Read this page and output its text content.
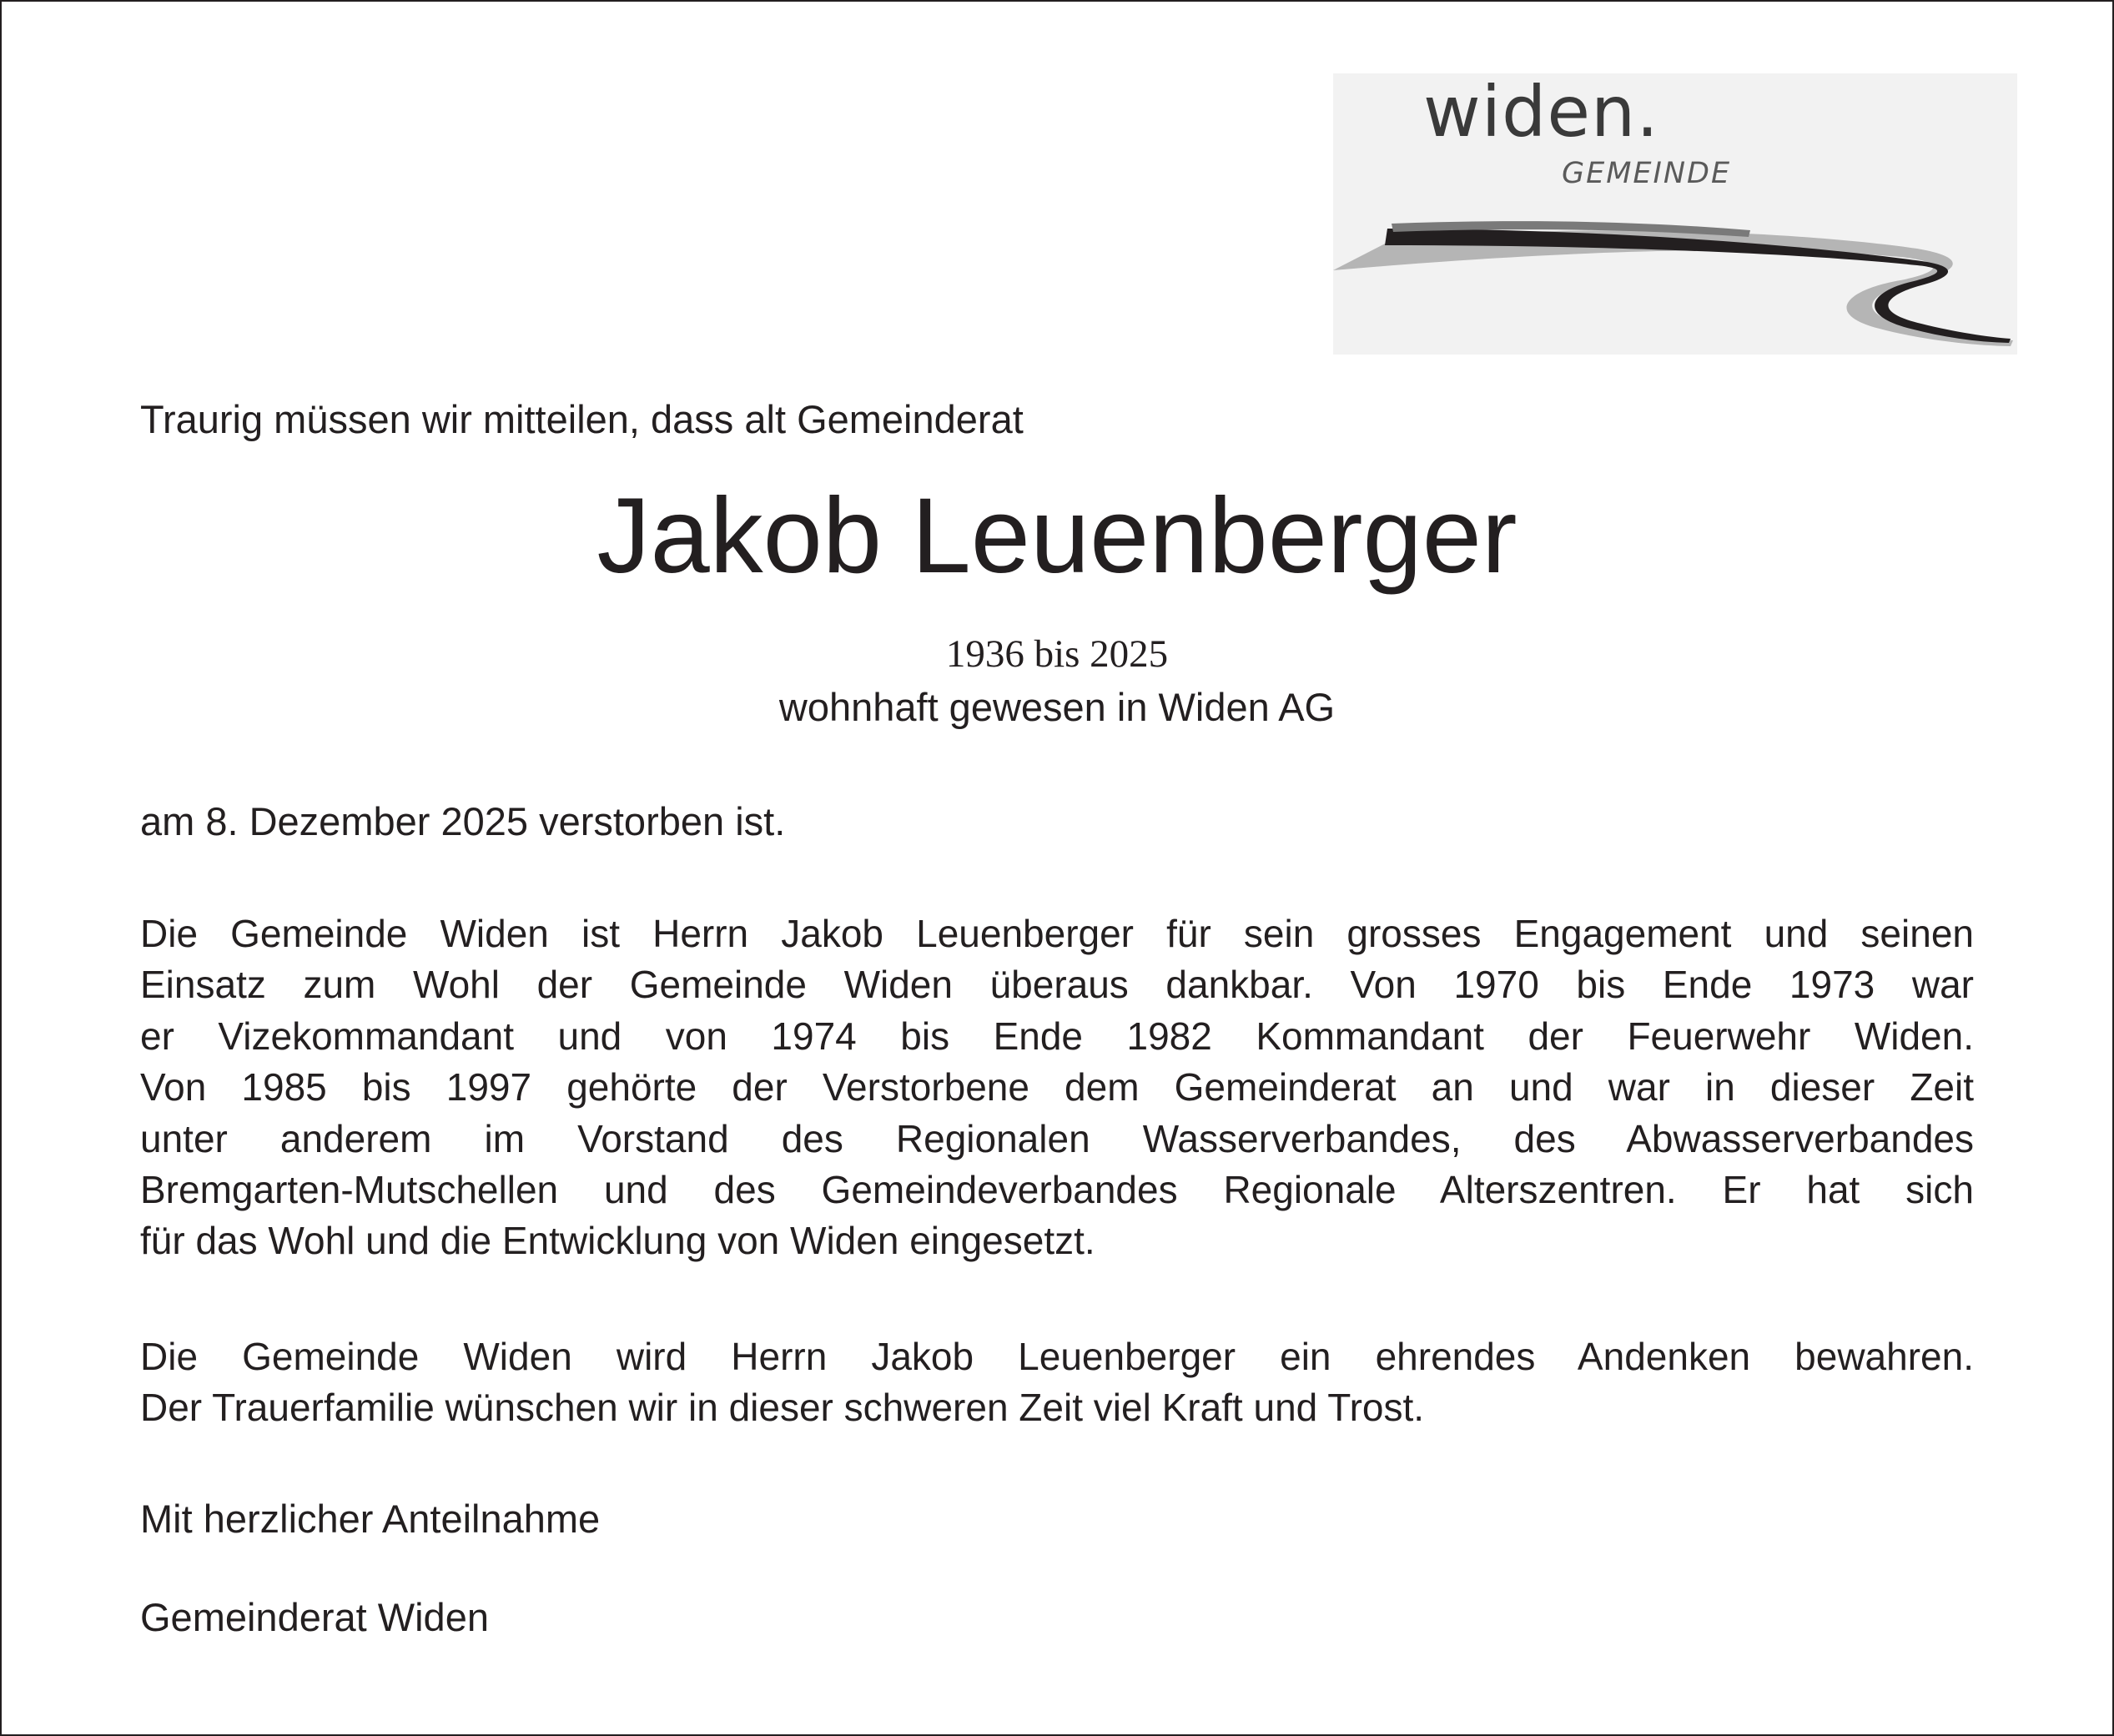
widen.
GEMEINDE
Traurig müssen wir mitteilen, dass alt Gemeinderat
Jakob Leuenberger
1936 bis 2025
wohnhaft gewesen in Widen AG
am 8. Dezember 2025 verstorben ist.
Die Gemeinde Widen ist Herrn Jakob Leuenberger für sein grosses Engagement und seinen
Einsatz zum Wohl der Gemeinde Widen überaus dankbar. Von 1970 bis Ende 1973 war
er Vizekommandant und von 1974 bis Ende 1982 Kommandant der Feuerwehr Widen.
Von 1985 bis 1997 gehörte der Verstorbene dem Gemeinderat an und war in dieser Zeit
unter anderem im Vorstand des Regionalen Wasserverbandes, des Abwasserverbandes
Bremgarten-Mutschellen und des Gemeindeverbandes Regionale Alterszentren. Er hat sich
für das Wohl und die Entwicklung von Widen eingesetzt.
Die Gemeinde Widen wird Herrn Jakob Leuenberger ein ehrendes Andenken bewahren.
Der Trauerfamilie wünschen wir in dieser schweren Zeit viel Kraft und Trost.
Mit herzlicher Anteilnahme
Gemeinderat Widen
